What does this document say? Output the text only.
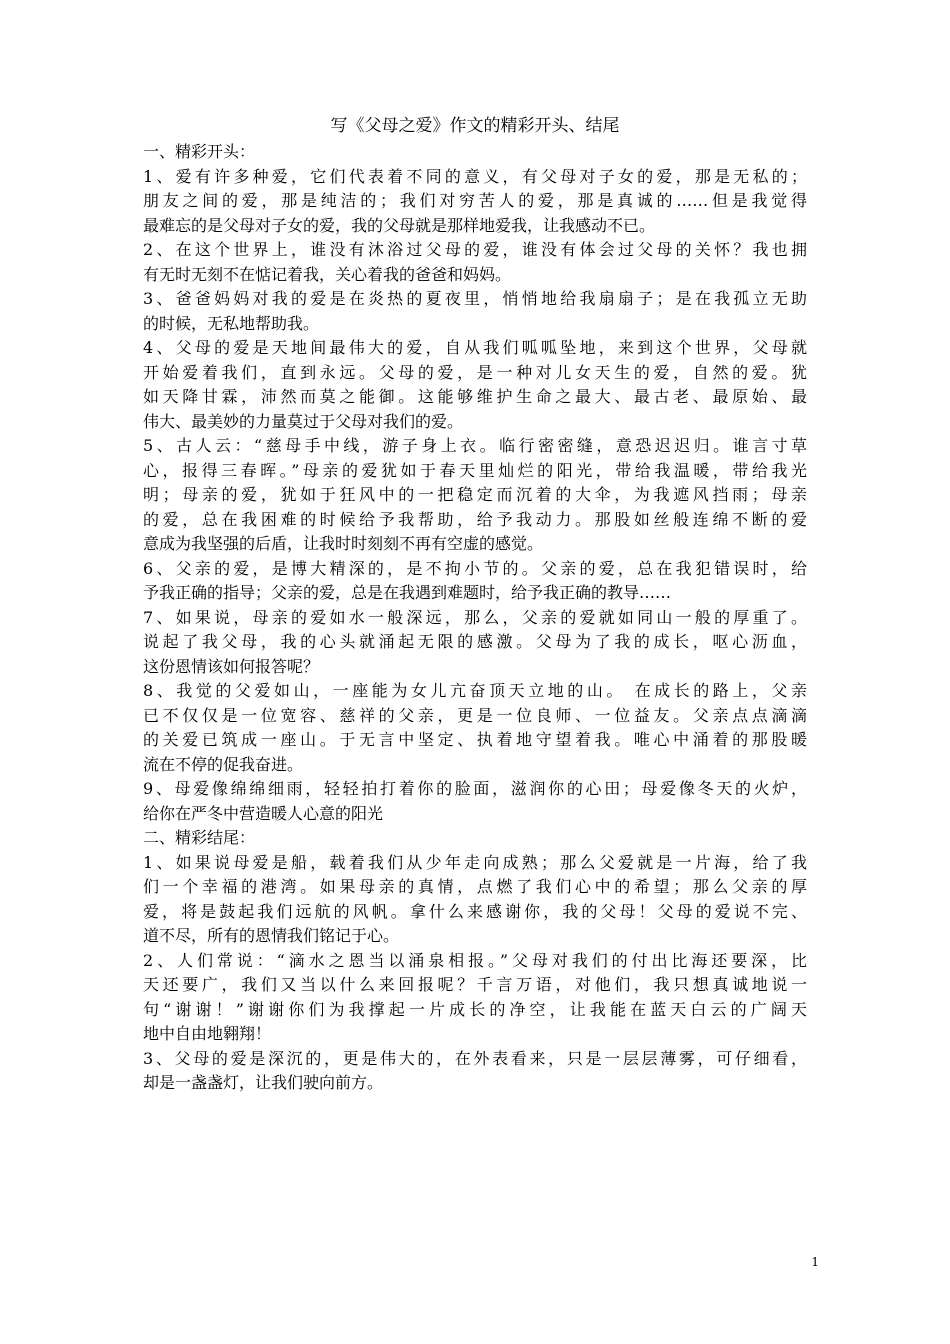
写《父母之爱》作文的精彩开头、结尾
一、精彩开头：
1、爱有许多种爱，它们代表着不同的意义，有父母对子女的爱，那是无私的；
朋友之间的爱，那是纯洁的；我们对穷苦人的爱，那是真诚的……但是我觉得
最难忘的是父母对子女的爱，我的父母就是那样地爱我，让我感动不已。
2、在这个世界上，谁没有沐浴过父母的爱，谁没有体会过父母的关怀？我也拥
有无时无刻不在惦记着我，关心着我的爸爸和妈妈。
3、爸爸妈妈对我的爱是在炎热的夏夜里，悄悄地给我扇扇子；是在我孤立无助
的时候，无私地帮助我。
4、父母的爱是天地间最伟大的爱，自从我们呱呱坠地，来到这个世界，父母就
开始爱着我们，直到永远。父母的爱，是一种对儿女天生的爱，自然的爱。犹
如天降甘霖，沛然而莫之能御。这能够维护生命之最大、最古老、最原始、最
伟大、最美妙的力量莫过于父母对我们的爱。
5、古人云：“慈母手中线，游子身上衣。临行密密缝，意恐迟迟归。谁言寸草
心，报得三春晖。”母亲的爱犹如于春天里灿烂的阳光，带给我温暖，带给我光
明；母亲的爱，犹如于狂风中的一把稳定而沉着的大伞，为我遮风挡雨；母亲
的爱，总在我困难的时候给予我帮助，给予我动力。那股如丝般连绵不断的爱
意成为我坚强的后盾，让我时时刻刻不再有空虚的感觉。
6、父亲的爱，是博大精深的，是不拘小节的。父亲的爱，总在我犯错误时，给
予我正确的指导；父亲的爱，总是在我遇到难题时，给予我正确的教导……
7、如果说，母亲的爱如水一般深远，那么，父亲的爱就如同山一般的厚重了。
说起了我父母，我的心头就涌起无限的感激。父母为了我的成长，呕心沥血，
这份恩情该如何报答呢？
8、我觉的父爱如山，一座能为女儿亢奋顶天立地的山。 在成长的路上，父亲
已不仅仅是一位宽容、慈祥的父亲，更是一位良师、一位益友。父亲点点滴滴
的关爱已筑成一座山。于无言中坚定、执着地守望着我。唯心中涌着的那股暖
流在不停的促我奋进。
9、母爱像绵绵细雨，轻轻拍打着你的脸面，滋润你的心田；母爱像冬天的火炉，
给你在严冬中营造暖人心意的阳光
二、精彩结尾：
1、如果说母爱是船，载着我们从少年走向成熟；那么父爱就是一片海，给了我
们一个幸福的港湾。如果母亲的真情，点燃了我们心中的希望；那么父亲的厚
爱，将是鼓起我们远航的风帆。拿什么来感谢你，我的父母！父母的爱说不完、
道不尽，所有的恩情我们铭记于心。
2、人们常说：“滴水之恩当以涌泉相报。”父母对我们的付出比海还要深，比
天还要广，我们又当以什么来回报呢？千言万语，对他们，我只想真诚地说一
句“谢谢！”谢谢你们为我撑起一片成长的净空，让我能在蓝天白云的广阔天
地中自由地翱翔！
3、父母的爱是深沉的，更是伟大的，在外表看来，只是一层层薄雾，可仔细看，
却是一盏盏灯，让我们驶向前方。
1
